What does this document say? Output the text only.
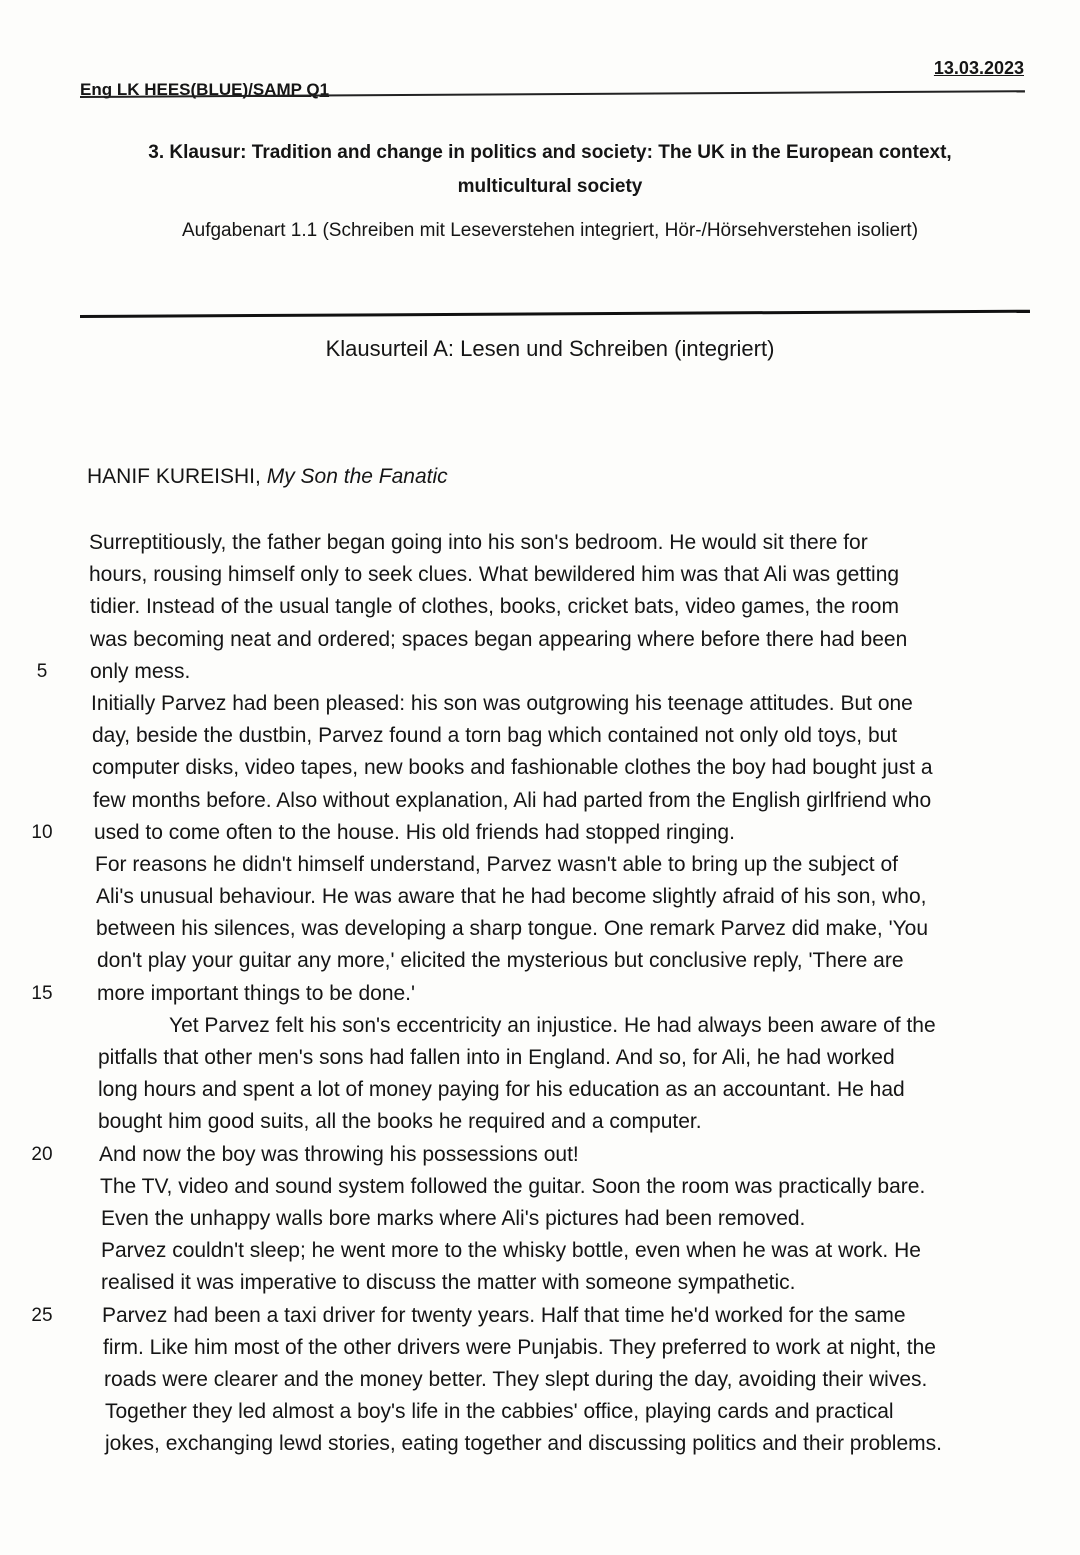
Eng LK HEES(BLUE)/SAMP Q1
13.03.2023
3. Klausur: Tradition and change in politics and society: The UK in the European context,
multicultural society
Aufgabenart 1.1 (Schreiben mit Leseverstehen integriert, Hör-/Hörsehverstehen isoliert)
Klausurteil A: Lesen und Schreiben (integriert)
HANIF KUREISHI, My Son the Fanatic
Surreptitiously, the father began going into his son's bedroom. He would sit there for
hours, rousing himself only to seek clues. What bewildered him was that Ali was getting
tidier. Instead of the usual tangle of clothes, books, cricket bats, video games, the room
was becoming neat and ordered; spaces began appearing where before there had been
5	only mess.
Initially Parvez had been pleased: his son was outgrowing his teenage attitudes. But one
day, beside the dustbin, Parvez found a torn bag which contained not only old toys, but
computer disks, video tapes, new books and fashionable clothes the boy had bought just a
few months before. Also without explanation, Ali had parted from the English girlfriend who
10	used to come often to the house. His old friends had stopped ringing.
For reasons he didn't himself understand, Parvez wasn't able to bring up the subject of
Ali's unusual behaviour. He was aware that he had become slightly afraid of his son, who,
between his silences, was developing a sharp tongue. One remark Parvez did make, 'You
don't play your guitar any more,' elicited the mysterious but conclusive reply, 'There are
15	more important things to be done.'
Yet Parvez felt his son's eccentricity an injustice. He had always been aware of the
pitfalls that other men's sons had fallen into in England. And so, for Ali, he had worked
long hours and spent a lot of money paying for his education as an accountant. He had
bought him good suits, all the books he required and a computer.
20	And now the boy was throwing his possessions out!
The TV, video and sound system followed the guitar. Soon the room was practically bare.
Even the unhappy walls bore marks where Ali's pictures had been removed.
Parvez couldn't sleep; he went more to the whisky bottle, even when he was at work. He
realised it was imperative to discuss the matter with someone sympathetic.
25	Parvez had been a taxi driver for twenty years. Half that time he'd worked for the same
firm. Like him most of the other drivers were Punjabis. They preferred to work at night, the
roads were clearer and the money better. They slept during the day, avoiding their wives.
Together they led almost a boy's life in the cabbies' office, playing cards and practical
jokes, exchanging lewd stories, eating together and discussing politics and their problems.
